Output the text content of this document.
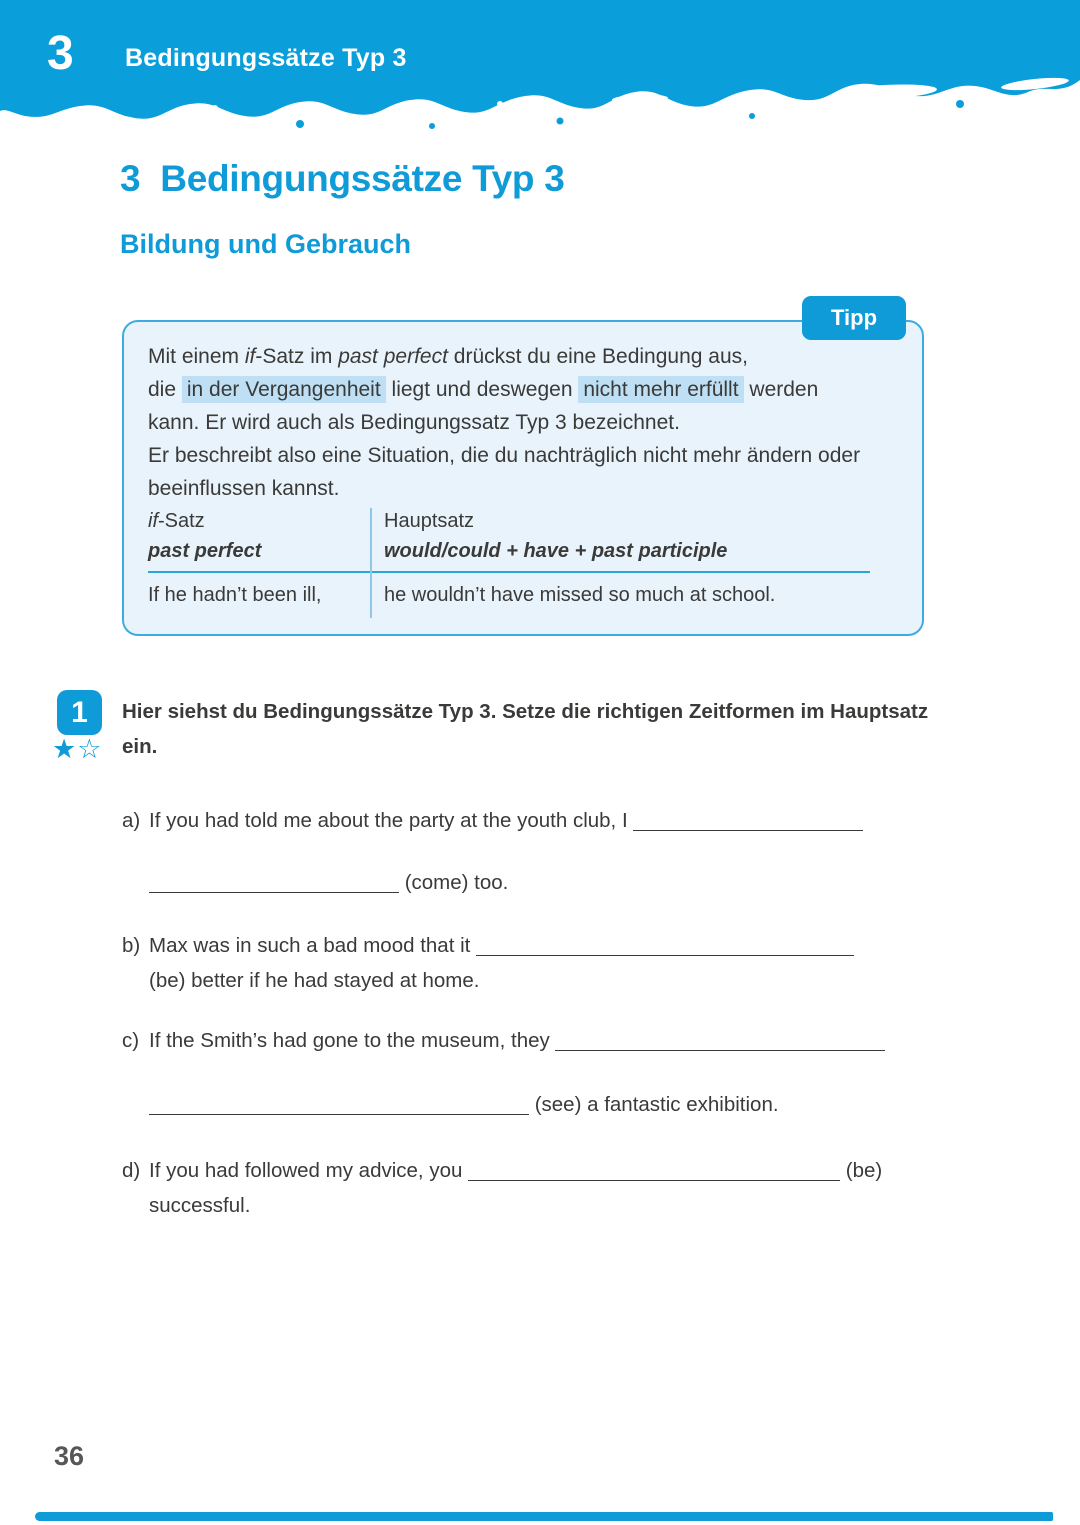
3 Bedingungssätze Typ 3
3 Bedingungssätze Typ 3
Bildung und Gebrauch
Tipp

Mit einem if-Satz im past perfect drückst du eine Bedingung aus,
die in der Vergangenheit liegt und deswegen nicht mehr erfüllt werden
kann. Er wird auch als Bedingungssatz Typ 3 bezeichnet.
Er beschreibt also eine Situation, die du nachträglich nicht mehr ändern oder
beeinflussen kannst.

if-Satz
past perfect
Hauptsatz
would/could + have + past participle
If he hadn’t been ill,	he wouldn’t have missed so much at school.
1
★☆
Hier siehst du Bedingungssätze Typ 3. Setze die richtigen Zeitformen im Hauptsatz ein.
a) If you had told me about the party at the youth club, I
(come) too.
b) Max was in such a bad mood that it
(be) better if he had stayed at home.
c) If the Smith’s had gone to the museum, they
(see) a fantastic exhibition.
d) If you had followed my advice, you	(be)
successful.
36
